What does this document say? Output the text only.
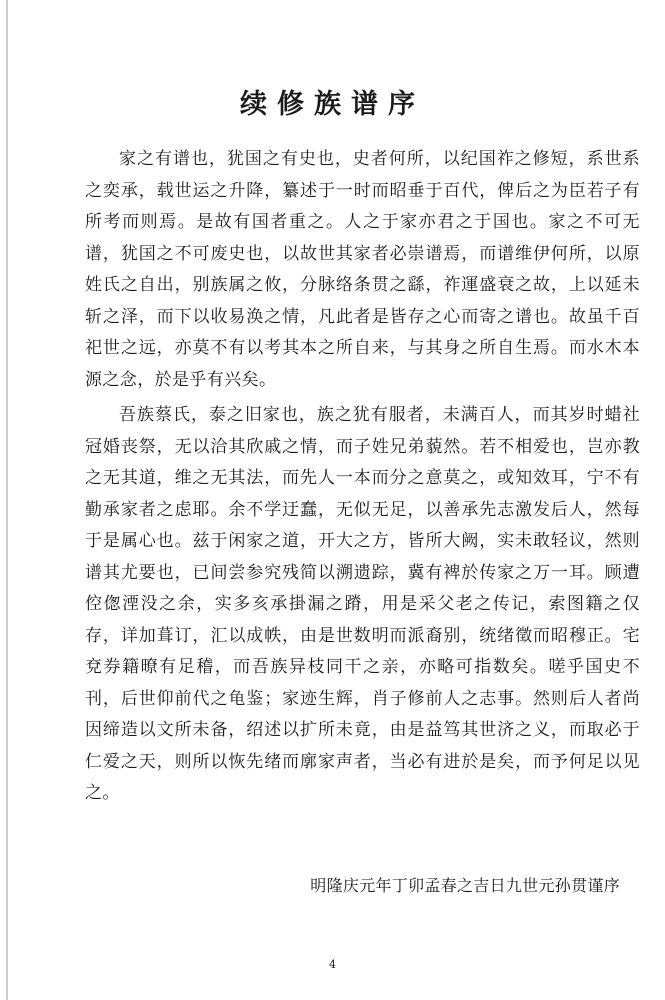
续修族谱序

家之有谱也，犹国之有史也，史者何所，以纪国祚之修短，系世系之奕承，载世运之升降，纂述于一时而昭垂于百代，俾后之为臣若子有所考而则焉。是故有国者重之。人之于家亦君之于国也。家之不可无谱，犹国之不可废史也，以故世其家者必崇谱焉，而谱维伊何所，以原姓氏之自出，别族属之攸，分脉络条贯之繇，祚運盛衰之故，上以延未斩之泽，而下以收易涣之情，凡此者是皆存之心而寄之谱也。故虽千百祀世之远，亦莫不有以考其本之所自来，与其身之所自生焉。而水木本源之念，於是乎有兴矣。

吾族蔡氏，泰之旧家也，族之犹有服者，未满百人，而其岁时蜡社冠婚丧祭，无以洽其欣戚之情，而子姓兄弟藐然。若不相爱也，岂亦教之无其道，维之无其法，而先人一本而分之意莫之，或知效耳，宁不有勤承家者之虑耶。余不学迂蠢，无似无足，以善承先志激发后人，然每于是属心也。兹于闲家之道，开大之方，皆所大阙，实未敢轻议，然则谱其尤要也，已间尝参究残简以溯遗踪，冀有裨於传家之万一耳。顾遭倥偬湮没之余，实多亥承掛漏之蹐，用是采父老之传记，索图籍之仅存，详加葺订，汇以成帙，由是世数明而派裔别，统绪徵而昭穆正。宅兗券籍暸有足稽，而吾族异枝同干之亲，亦略可指数矣。嗟乎国史不刊，后世仰前代之龟鉴；家迹生辉，肖子修前人之志事。然则后人者尚因缔造以文所未备，绍述以扩所未竟，由是益笃其世济之义，而取必于仁爱之天，则所以恢先绪而廓家声者，当必有进於是矣，而予何足以见之。

明隆庆元年丁卯孟春之吉日九世元孙贯谨序

4
